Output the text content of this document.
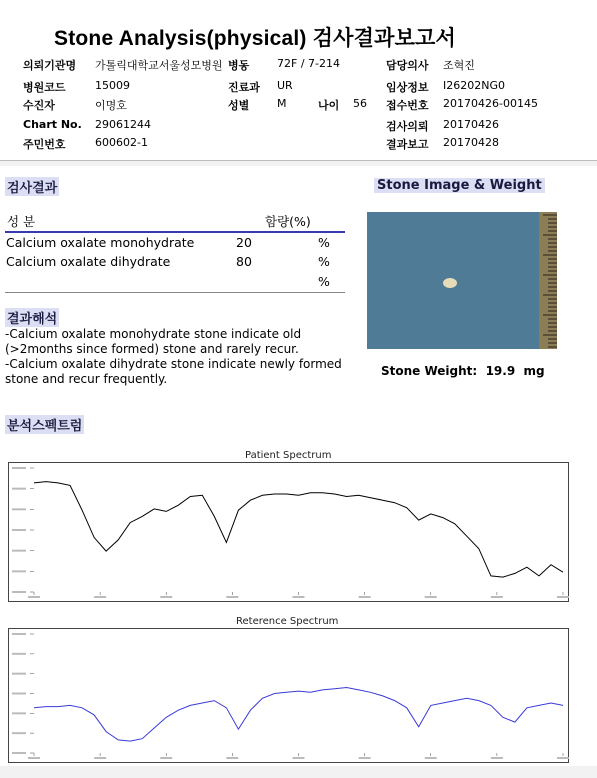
Stone Analysis(physical) 검사결과보고서
의뢰기관명 가톨릭대학교서울성모병원 병동	72F / 7-214	담당의사 조혁진
병원코드	15009	진료과 UR	임상정보 I26202NG0
수진자	이명호	성별	M	나이 56 접수번호 20170426-00145
Chart No. 29061244	검사의뢰 20170426
주민번호	600602-1	결과보고 20170428
검사결과
성 분	함량(%)
Calcium oxalate monohydrate	20	%
Calcium oxalate dihydrate	80	%
%
결과해석
-Calcium oxalate monohydrate stone indicate old
(>2months since formed) stone and rarely recur.
-Calcium oxalate dihydrate stone indicate newly formed
stone and recur frequently.
Stone Image & Weight
Stone Weight: 19.9 mg
분석스펙트럼
Patient Spectrum
Reterence Spectrum
